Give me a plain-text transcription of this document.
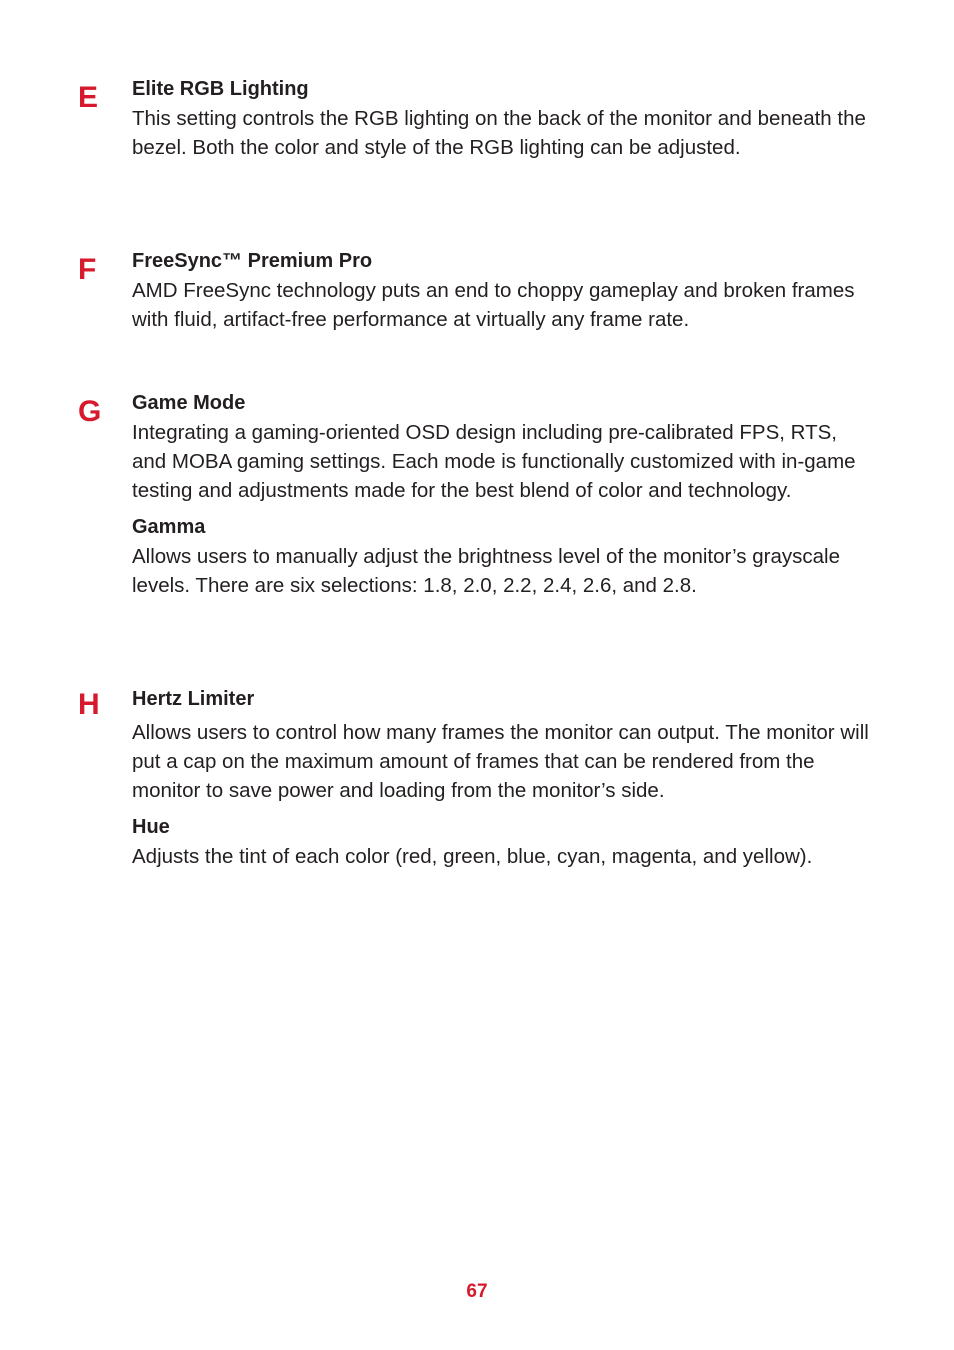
E Elite RGB Lighting

This setting controls the RGB lighting on the back of the monitor and beneath the bezel. Both the color and style of the RGB lighting can be adjusted.

F FreeSync™ Premium Pro

AMD FreeSync technology puts an end to choppy gameplay and broken frames with fluid, artifact-free performance at virtually any frame rate.

G Game Mode

Integrating a gaming-oriented OSD design including pre-calibrated FPS, RTS, and MOBA gaming settings. Each mode is functionally customized with in-game testing and adjustments made for the best blend of color and technology.

Gamma

Allows users to manually adjust the brightness level of the monitor’s grayscale levels. There are six selections: 1.8, 2.0, 2.2, 2.4, 2.6, and 2.8.

H Hertz Limiter

Allows users to control how many frames the monitor can output. The monitor will put a cap on the maximum amount of frames that can be rendered from the monitor to save power and loading from the monitor’s side.

Hue

Adjusts the tint of each color (red, green, blue, cyan, magenta, and yellow).

67
